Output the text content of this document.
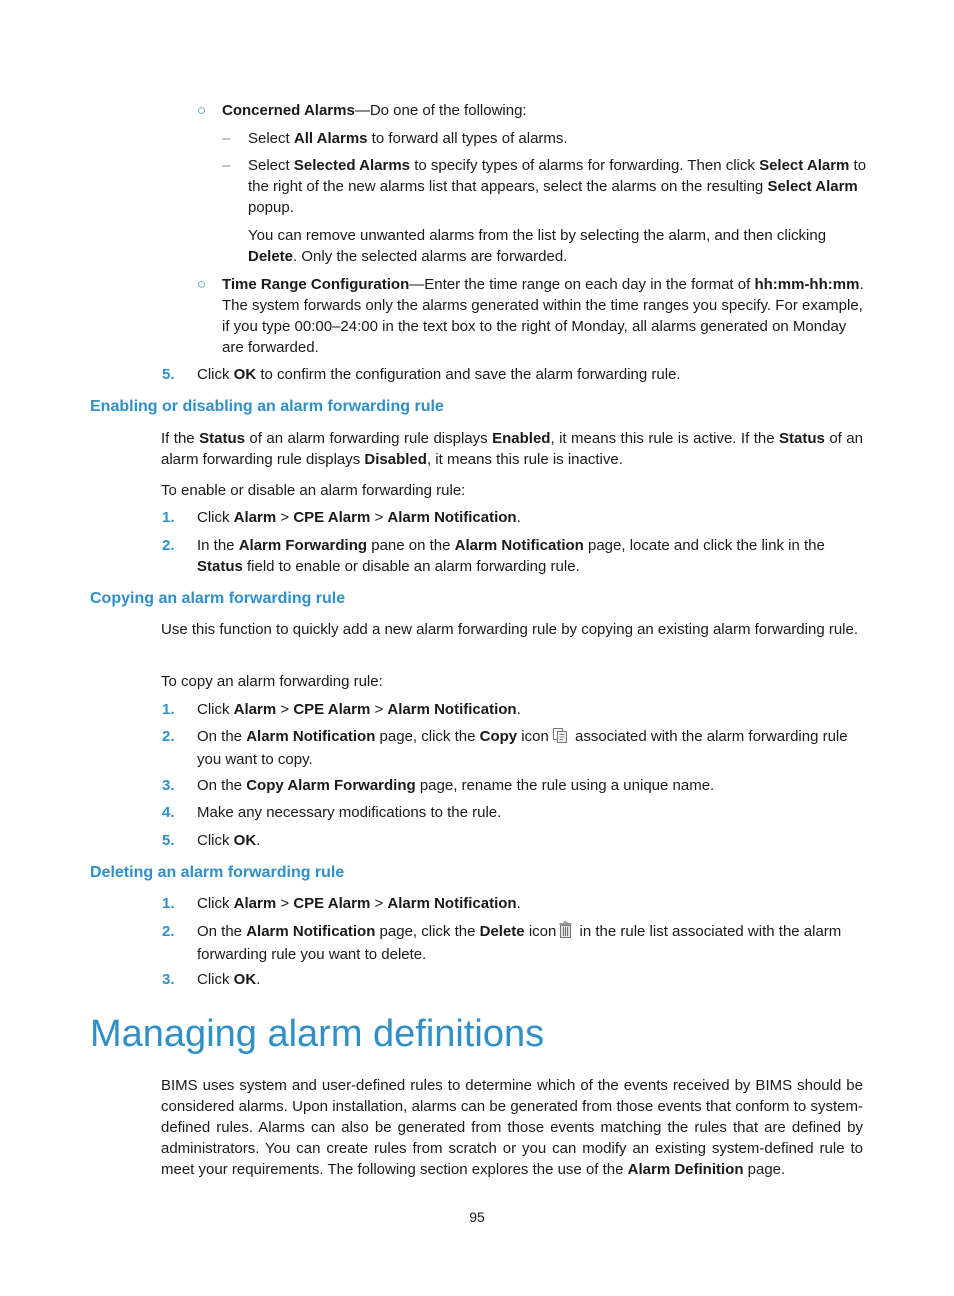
○ Concerned Alarms—Do one of the following:
– Select All Alarms to forward all types of alarms.
– Select Selected Alarms to specify types of alarms for forwarding. Then click Select Alarm to the right of the new alarms list that appears, select the alarms on the resulting Select Alarm popup.
You can remove unwanted alarms from the list by selecting the alarm, and then clicking Delete. Only the selected alarms are forwarded.
○ Time Range Configuration—Enter the time range on each day in the format of hh:mm-hh:mm. The system forwards only the alarms generated within the time ranges you specify. For example, if you type 00:00–24:00 in the text box to the right of Monday, all alarms generated on Monday are forwarded.
5. Click OK to confirm the configuration and save the alarm forwarding rule.
Enabling or disabling an alarm forwarding rule
If the Status of an alarm forwarding rule displays Enabled, it means this rule is active. If the Status of an alarm forwarding rule displays Disabled, it means this rule is inactive.
To enable or disable an alarm forwarding rule:
1. Click Alarm > CPE Alarm > Alarm Notification.
2. In the Alarm Forwarding pane on the Alarm Notification page, locate and click the link in the Status field to enable or disable an alarm forwarding rule.
Copying an alarm forwarding rule
Use this function to quickly add a new alarm forwarding rule by copying an existing alarm forwarding rule.
To copy an alarm forwarding rule:
1. Click Alarm > CPE Alarm > Alarm Notification.
2. On the Alarm Notification page, click the Copy icon associated with the alarm forwarding rule you want to copy.
3. On the Copy Alarm Forwarding page, rename the rule using a unique name.
4. Make any necessary modifications to the rule.
5. Click OK.
Deleting an alarm forwarding rule
1. Click Alarm > CPE Alarm > Alarm Notification.
2. On the Alarm Notification page, click the Delete icon in the rule list associated with the alarm forwarding rule you want to delete.
3. Click OK.
Managing alarm definitions
BIMS uses system and user-defined rules to determine which of the events received by BIMS should be considered alarms. Upon installation, alarms can be generated from those events that conform to system-defined rules. Alarms can also be generated from those events matching the rules that are defined by administrators. You can create rules from scratch or you can modify an existing system-defined rule to meet your requirements. The following section explores the use of the Alarm Definition page.
95
